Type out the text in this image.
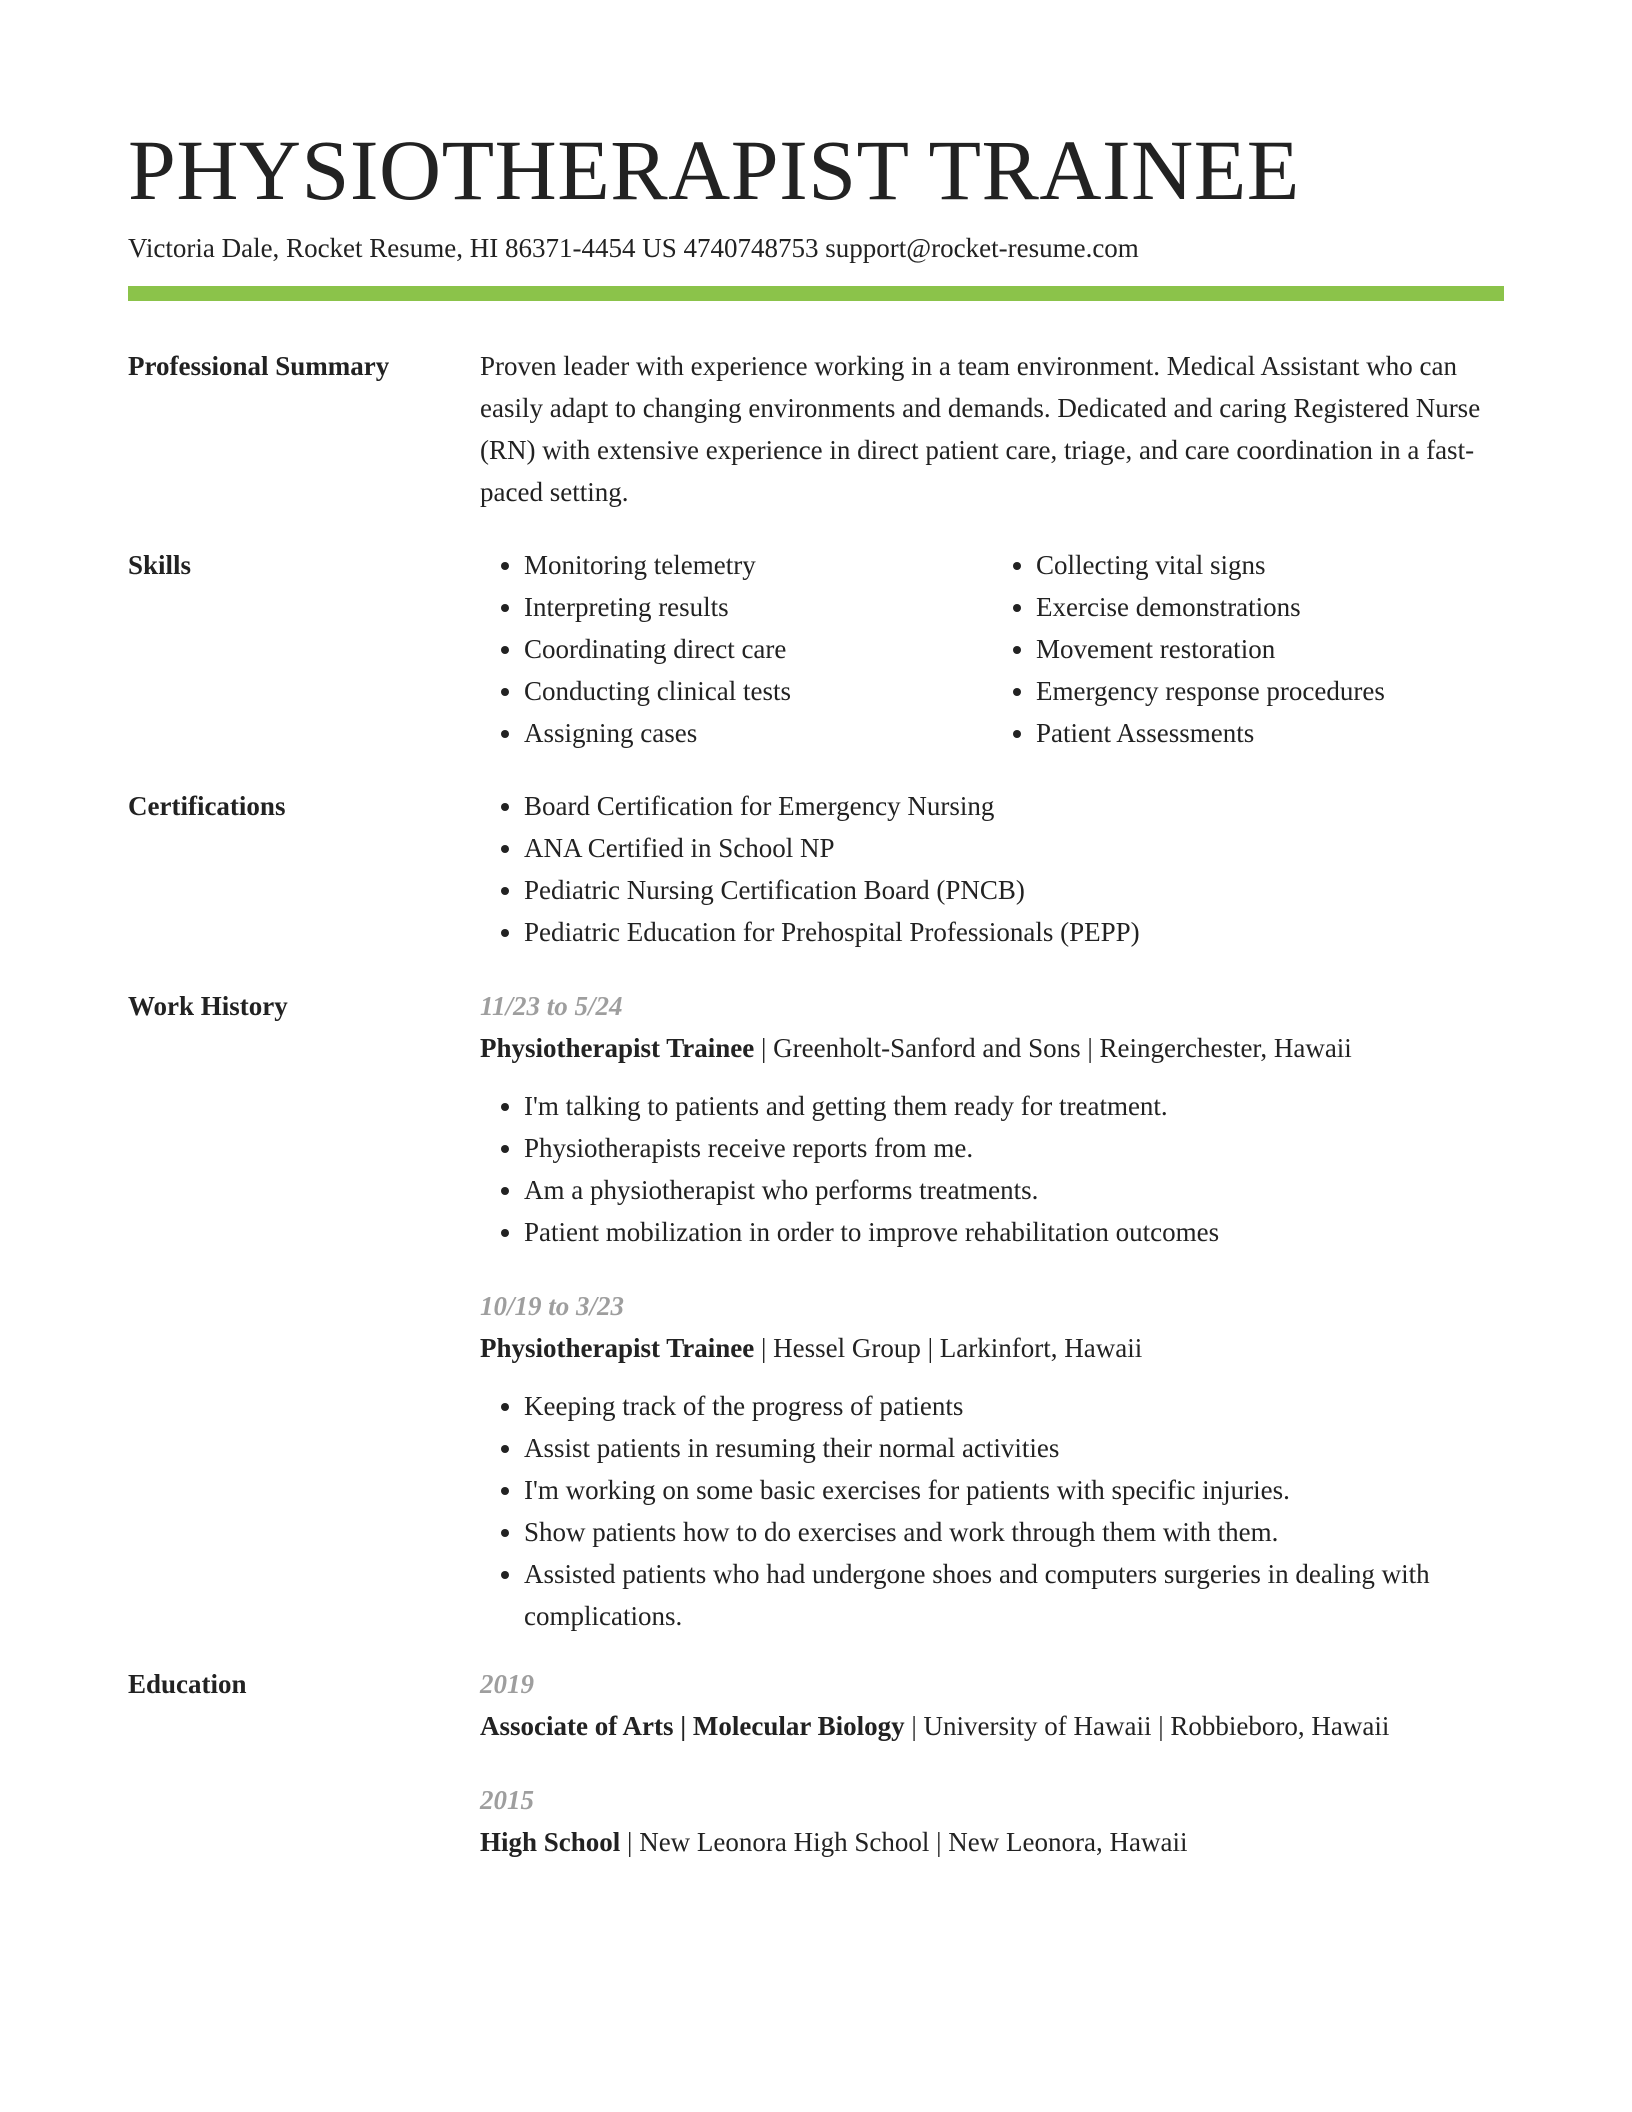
PHYSIOTHERAPIST TRAINEE
Victoria Dale, Rocket Resume, HI 86371-4454 US 4740748753 support@rocket-resume.com
Professional Summary	Proven leader with experience working in a team environment. Medical Assistant who can easily adapt to changing environments and demands. Dedicated and caring Registered Nurse (RN) with extensive experience in direct patient care, triage, and care coordination in a fast-paced setting.

Skills	• Monitoring telemetry
• Interpreting results
• Coordinating direct care
• Conducting clinical tests
• Assigning cases
• Collecting vital signs
• Exercise demonstrations
• Movement restoration
• Emergency response procedures
• Patient Assessments
Certifications	• Board Certification for Emergency Nursing
• ANA Certified in School NP
• Pediatric Nursing Certification Board (PNCB)
• Pediatric Education for Prehospital Professionals (PEPP)
Work History	11/23 to 5/24
Physiotherapist Trainee | Greenholt-Sanford and Sons | Reingerchester, Hawaii
• I'm talking to patients and getting them ready for treatment.
• Physiotherapists receive reports from me.
• Am a physiotherapist who performs treatments.
• Patient mobilization in order to improve rehabilitation outcomes
10/19 to 3/23
Physiotherapist Trainee | Hessel Group | Larkinfort, Hawaii
• Keeping track of the progress of patients
• Assist patients in resuming their normal activities
• I'm working on some basic exercises for patients with specific injuries.
• Show patients how to do exercises and work through them with them.
• Assisted patients who had undergone shoes and computers surgeries in dealing with complications.
Education	2019
Associate of Arts | Molecular Biology | University of Hawaii | Robbieboro, Hawaii
2015
High School | New Leonora High School | New Leonora, Hawaii
